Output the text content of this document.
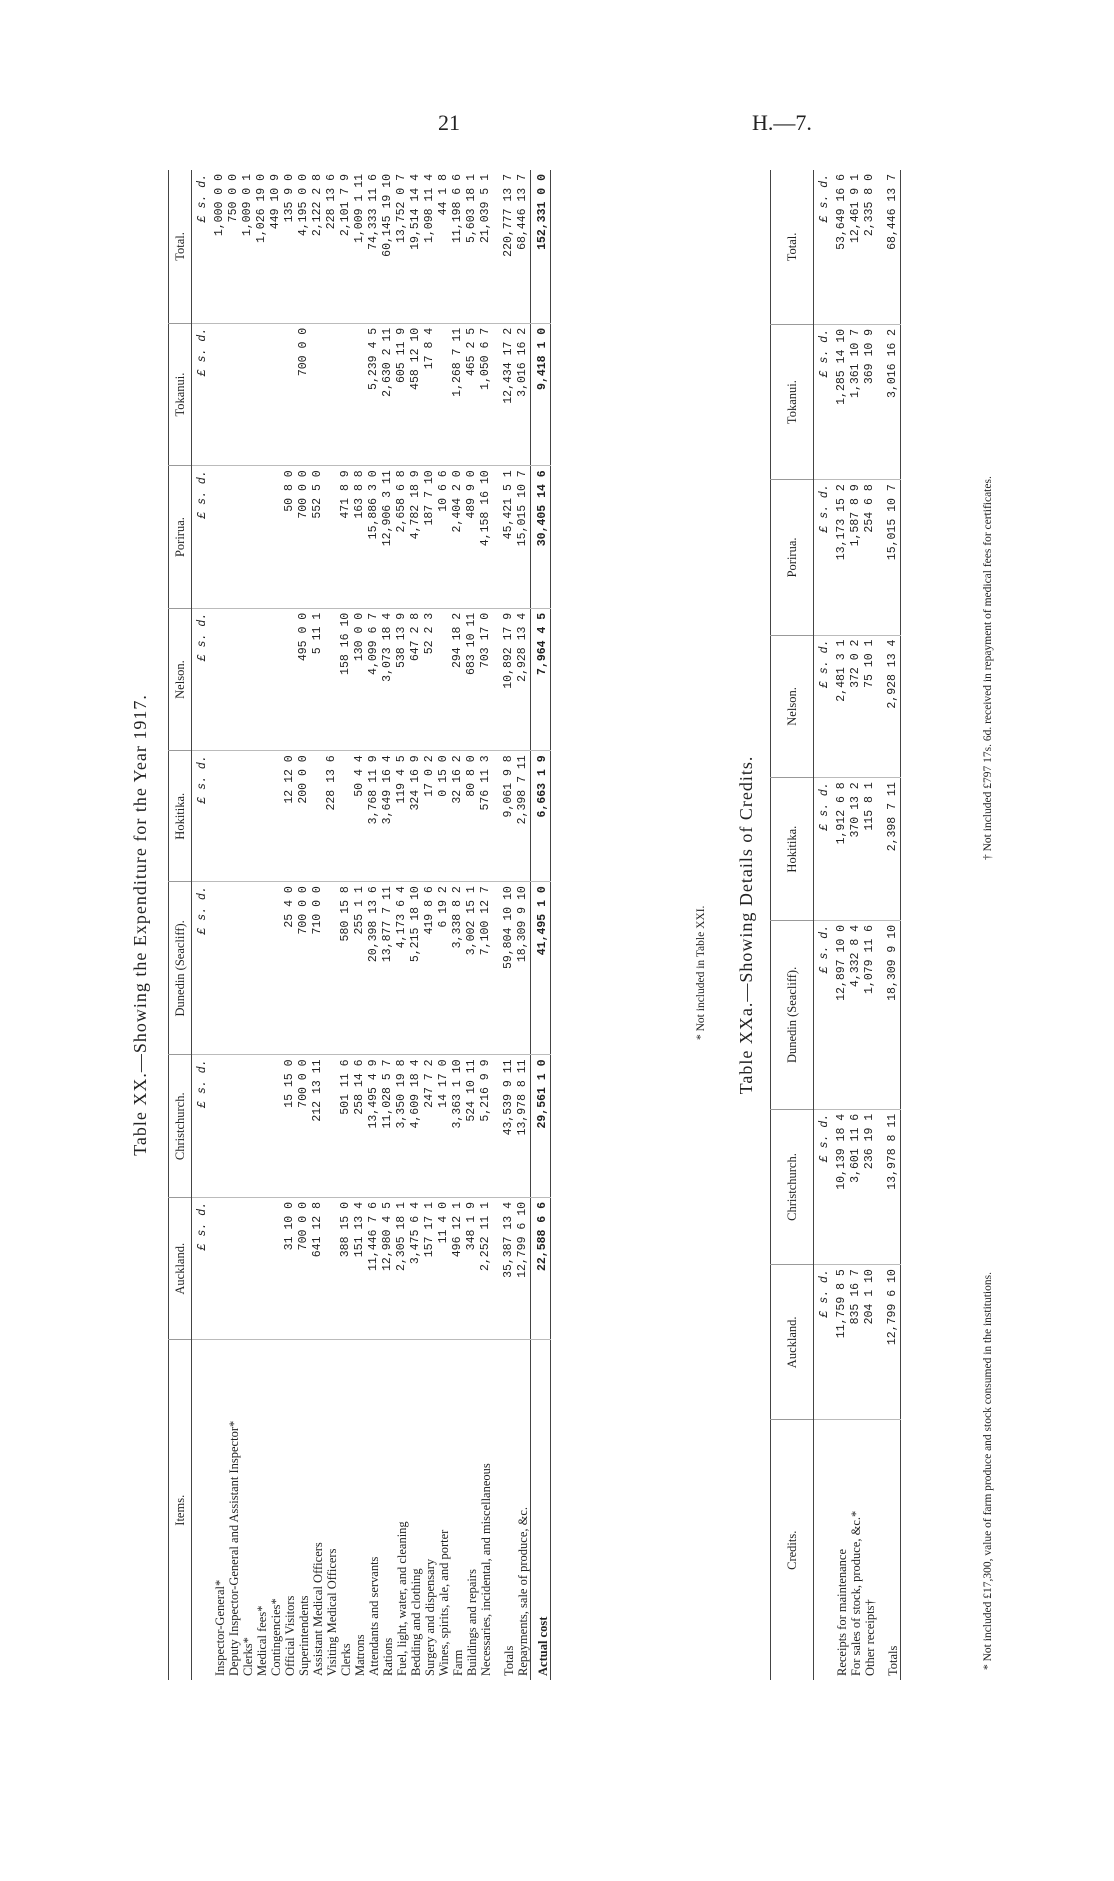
21	H.—7.
Table XX.—Showing the Expenditure for the Year 1917.
Items.	Auckland.	Christchurch.	Dunedin (Seacliff).	Hokitika.	Nelson.	Porirua.	Tokanui.	Total.
	£ s. d.	£ s. d.	£ s. d.	£ s. d.	£ s. d.	£ s. d.	£ s. d.	£ s. d.
Inspector-General*								1,000 0 0
Deputy Inspector-General and Assistant Inspector*								750 0 0
Clerks*								1,009 0 1
Medical fees*								1,026 19 0
Contingencies*								449 10 9
Official Visitors	31 10 0	15 15 0	25 4 0	12 12 0		50 8 0		135 9 0
Superintendents	700 0 0	700 0 0	700 0 0	200 0 0	495 0 0	700 0 0	700 0 0	4,195 0 0
Assistant Medical Officers	641 12 8	212 13 11	710 0 0		5 11 1	552 5 0		2,122 2 8
Visiting Medical Officers				228 13 6				228 13 6
Clerks	388 15 0	501 11 6	580 15 8		158 16 10	471 8 9		2,101 7 9
Matrons	151 13 4	258 14 6	255 1 1	50 4 4	130 0 0	163 8 8		1,009 1 11
Attendants and servants	11,446 7 6	13,495 4 9	20,398 13 6	3,768 11 9	4,099 6 7	15,886 3 0	5,239 4 5	74,333 11 6
Rations	12,980 4 5	11,028 5 7	13,877 7 11	3,649 16 4	3,073 18 4	12,906 3 11	2,630 2 11	60,145 19 10
Fuel, light, water, and cleaning	2,305 18 1	3,350 19 8	4,173 6 4	119 4 5	538 13 9	2,658 6 8	605 11 9	13,752 0 7
Bedding and clothing	3,475 6 4	4,609 18 4	5,215 18 10	324 16 9	647 2 8	4,782 18 9	458 12 10	19,514 14 4
Surgery and dispensary	157 17 1	247 7 2	419 8 6	17 0 2	52 2 3	187 7 10	17 8 4	1,098 11 4
Wines, spirits, ale, and porter	11 4 0	14 17 0	6 19 2	0 15 0		10 6 6		44 1 8
Farm	496 12 1	3,363 1 10	3,338 8 2	32 16 2	294 18 2	2,404 2 0	1,268 7 11	11,198 6 6
Buildings and repairs	348 1 9	524 10 11	3,002 15 1	80 8 0	683 10 11	489 9 0	465 2 5	5,603 18 1
Necessaries, incidental, and miscellaneous	2,252 11 1	5,216 9 9	7,100 12 7	576 11 3	703 17 0	4,158 16 10	1,050 6 7	21,039 5 1
Totals	35,387 13 4	43,539 9 11	59,804 10 10	9,061 9 8	10,892 17 9	45,421 5 1	12,434 17 2	220,777 13 7
Repayments, sale of produce, &c.	12,799 6 10	13,978 8 11	18,309 9 10	2,398 7 11	2,928 13 4	15,015 10 7	3,016 16 2	68,446 13 7
Actual cost	22,588 6 6	29,561 1 0	41,495 1 0	6,663 1 9	7,964 4 5	30,405 14 6	9,418 1 0	152,331 0 0
* Not included in Table XXI. Table XXa.—Showing Details of Credits.
Credits.	Auckland.	Christchurch.	Dunedin (Seacliff).	Hokitika.	Nelson.	Porirua.	Tokanui.	Total.
	£ s. d.	£ s. d.	£ s. d.	£ s. d.	£ s. d.	£ s. d.	£ s. d.	£ s. d.
Receipts for maintenance	11,759 8 5	10,139 18 4	12,897 10 0	1,912 6 8	2,481 3 1	13,173 15 2	1,285 14 10	53,649 16 6
For sales of stock, produce, &c.*	835 16 7	3,601 11 6	4,332 8 4	370 13 2	372 0 2	1,587 8 9	1,361 10 7	12,461 9 1
Other receipts†	204 1 10	236 19 1	1,079 11 6	115 8 1	75 10 1	254 6 8	369 10 9	2,335 8 0
Totals	12,799 6 10	13,978 8 11	18,309 9 10	2,398 7 11	2,928 13 4	15,015 10 7	3,016 16 2	68,446 13 7
* Not included £17,300, value of farm produce and stock consumed in the institutions.
† Not included £797 17s. 6d. received in repayment of medical fees for certificates.
